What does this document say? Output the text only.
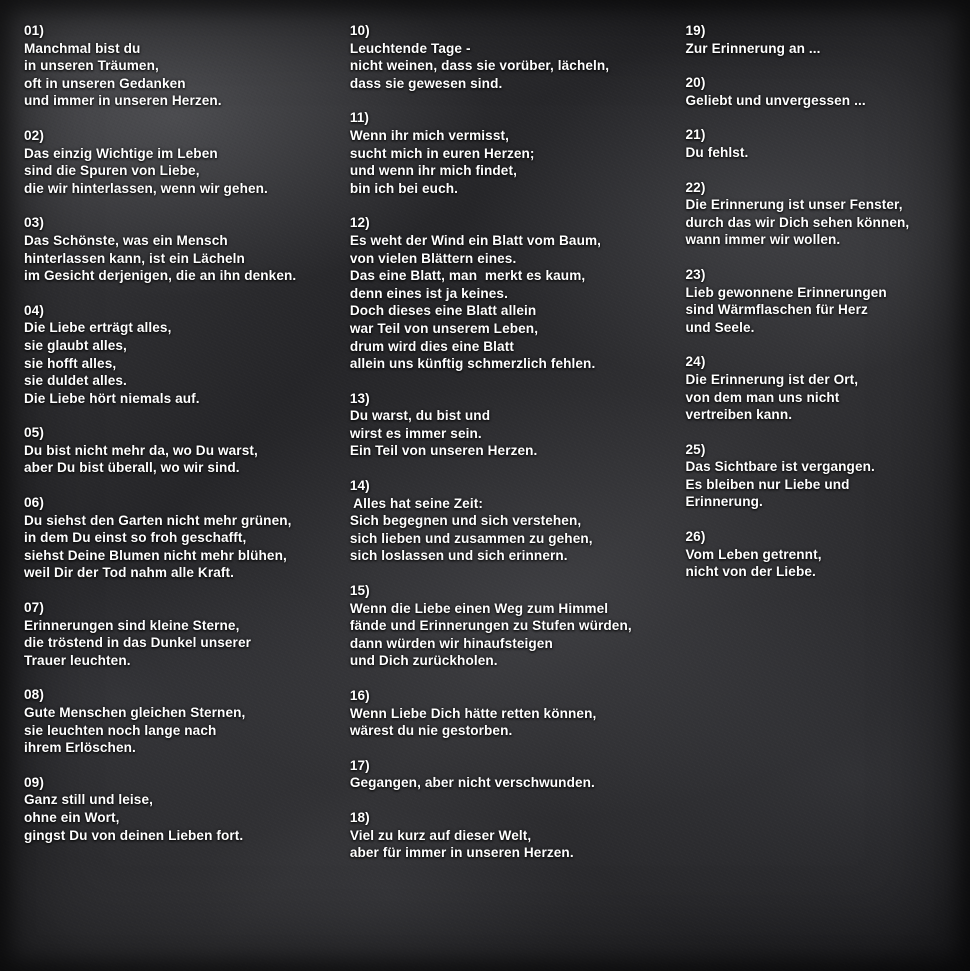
01)
Manchmal bist du
in unseren Träumen,
oft in unseren Gedanken
und immer in unseren Herzen.
02)
Das einzig Wichtige im Leben
sind die Spuren von Liebe,
die wir hinterlassen, wenn wir gehen.
03)
Das Schönste, was ein Mensch
hinterlassen kann, ist ein Lächeln
im Gesicht derjenigen, die an ihn denken.
04)
Die Liebe erträgt alles,
sie glaubt alles,
sie hofft alles,
sie duldet alles.
Die Liebe hört niemals auf.
05)
Du bist nicht mehr da, wo Du warst,
aber Du bist überall, wo wir sind.
06)
Du siehst den Garten nicht mehr grünen,
in dem Du einst so froh geschafft,
siehst Deine Blumen nicht mehr blühen,
weil Dir der Tod nahm alle Kraft.
07)
Erinnerungen sind kleine Sterne,
die tröstend in das Dunkel unserer
Trauer leuchten.
08)
Gute Menschen gleichen Sternen,
sie leuchten noch lange nach
ihrem Erlöschen.
09)
Ganz still und leise,
ohne ein Wort,
gingst Du von deinen Lieben fort.
10)
Leuchtende Tage -
nicht weinen, dass sie vorüber, lächeln,
dass sie gewesen sind.
11)
Wenn ihr mich vermisst,
sucht mich in euren Herzen;
und wenn ihr mich findet,
bin ich bei euch.
12)
Es weht der Wind ein Blatt vom Baum,
von vielen Blättern eines.
Das eine Blatt, man  merkt es kaum,
denn eines ist ja keines.
Doch dieses eine Blatt allein
war Teil von unserem Leben,
drum wird dies eine Blatt
allein uns künftig schmerzlich fehlen.
13)
Du warst, du bist und
wirst es immer sein.
Ein Teil von unseren Herzen.
14)
Alles hat seine Zeit:
Sich begegnen und sich verstehen,
sich lieben und zusammen zu gehen,
sich loslassen und sich erinnern.
15)
Wenn die Liebe einen Weg zum Himmel
fände und Erinnerungen zu Stufen würden,
dann würden wir hinaufsteigen
und Dich zurückholen.
16)
Wenn Liebe Dich hätte retten können,
wärest du nie gestorben.
17)
Gegangen, aber nicht verschwunden.
18)
Viel zu kurz auf dieser Welt,
aber für immer in unseren Herzen.
19)
Zur Erinnerung an ...
20)
Geliebt und unvergessen ...
21)
Du fehlst.
22)
Die Erinnerung ist unser Fenster,
durch das wir Dich sehen können,
wann immer wir wollen.
23)
Lieb gewonnene Erinnerungen
sind Wärmflaschen für Herz
und Seele.
24)
Die Erinnerung ist der Ort,
von dem man uns nicht
vertreiben kann.
25)
Das Sichtbare ist vergangen.
Es bleiben nur Liebe und
Erinnerung.
26)
Vom Leben getrennt,
nicht von der Liebe.
